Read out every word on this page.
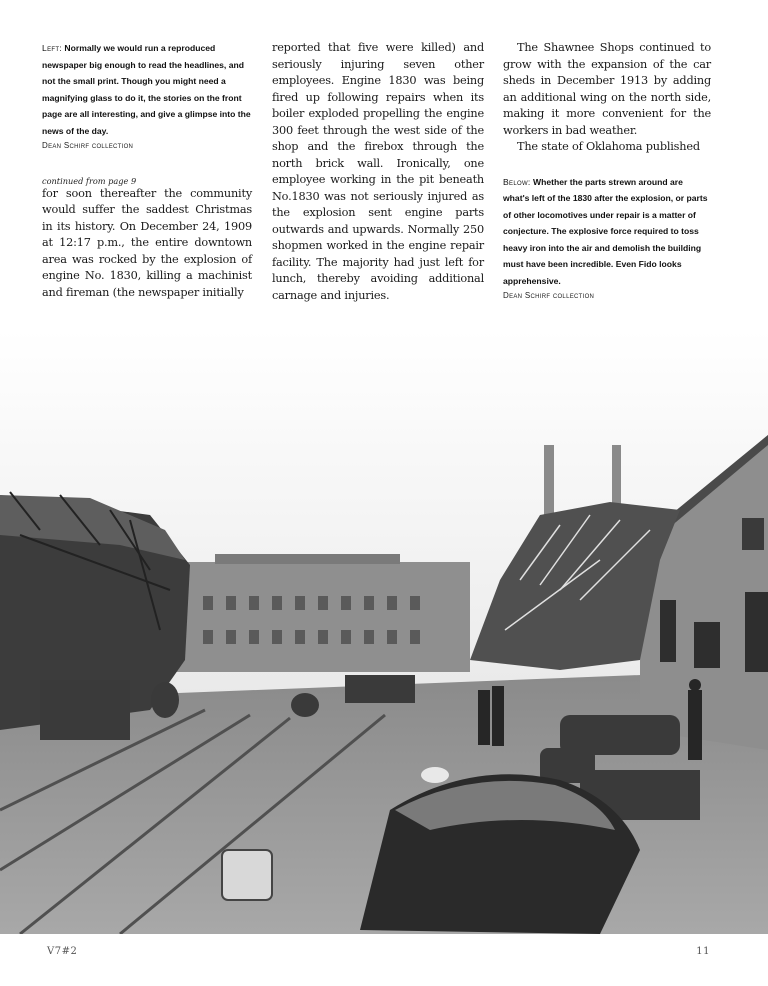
Left: Normally we would run a reproduced newspaper big enough to read the headlines, and not the small print. Though you might need a magnifying glass to do it, the stories on the front page are all interesting, and give a glimpse into the news of the day.

Dean Schirf collection

continued from page 9

for soon thereafter the community would suffer the saddest Christmas in its history. On December 24, 1909 at 12:17 p.m., the entire downtown area was rocked by the explosion of engine No. 1830, killing a machinist and fireman (the newspaper initially

reported that five were killed) and seriously injuring seven other employees. Engine 1830 was being fired up following repairs when its boiler exploded propelling the engine 300 feet through the west side of the shop and the firebox through the north brick wall. Ironically, one employee working in the pit beneath No.1830 was not seriously injured as the explosion sent engine parts outwards and upwards. Normally 250 shopmen worked in the engine repair facility. The majority had just left for lunch, thereby avoiding additional carnage and injuries.

The Shawnee Shops continued to grow with the expansion of the car sheds in December 1913 by adding an additional wing on the north side, making it more convenient for the workers in bad weather.

The state of Oklahoma published

Below: Whether the parts strewn around are what's left of the 1830 after the explosion, or parts of other locomotives under repair is a matter of conjecture. The explosive force required to toss heavy iron into the air and demolish the building must have been incredible. Even Fido looks apprehensive.

Dean Schirf collection

V7#2	11
